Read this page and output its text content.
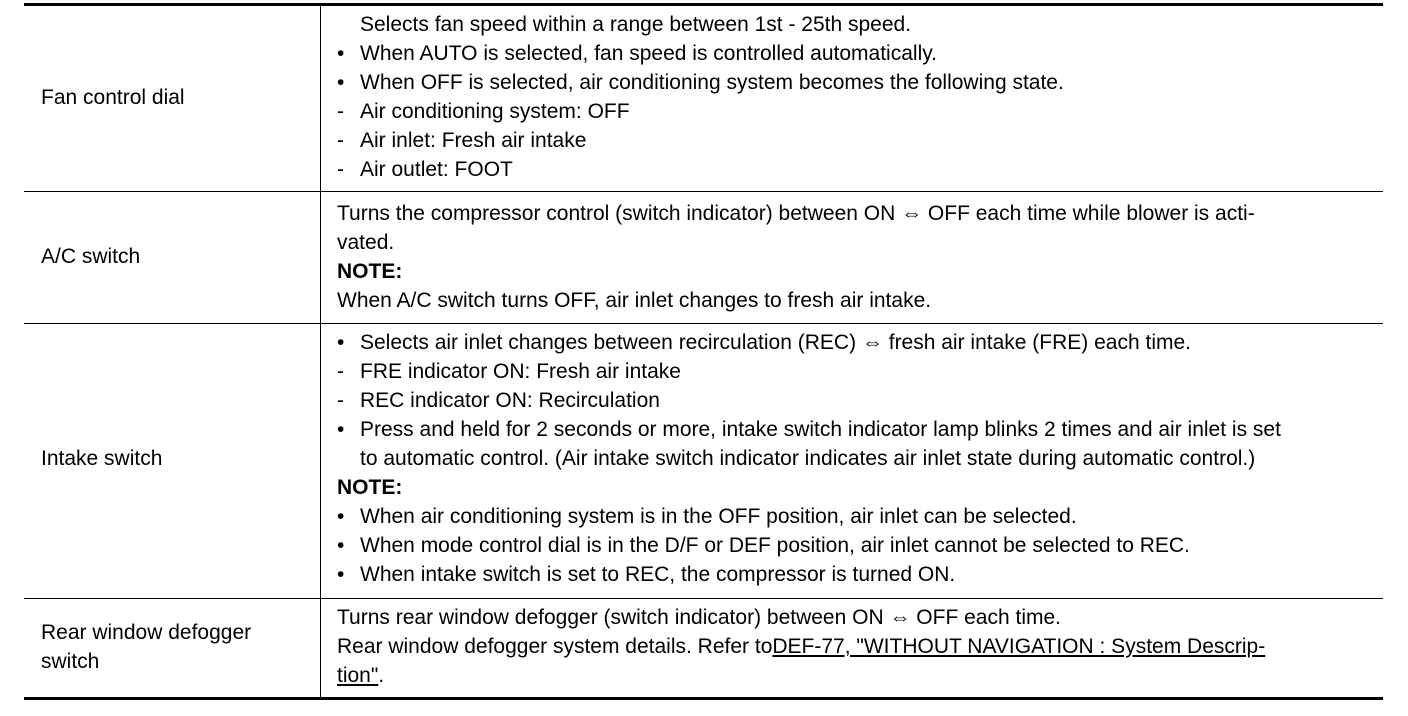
Fan control dial
Selects fan speed within a range between 1st - 25th speed.
• When AUTO is selected, fan speed is controlled automatically.
• When OFF is selected, air conditioning system becomes the following state.
- Air conditioning system: OFF
- Air inlet: Fresh air intake
- Air outlet: FOOT
A/C switch
Turns the compressor control (switch indicator) between ON ⇔ OFF each time while blower is acti-
vated.
NOTE:
When A/C switch turns OFF, air inlet changes to fresh air intake.
Intake switch
• Selects air inlet changes between recirculation (REC) ⇔ fresh air intake (FRE) each time.
- FRE indicator ON: Fresh air intake
- REC indicator ON: Recirculation
• Press and held for 2 seconds or more, intake switch indicator lamp blinks 2 times and air inlet is set
to automatic control. (Air intake switch indicator indicates air inlet state during automatic control.)
NOTE:
• When air conditioning system is in the OFF position, air inlet can be selected.
• When mode control dial is in the D/F or DEF position, air inlet cannot be selected to REC.
• When intake switch is set to REC, the compressor is turned ON.
Rear window defogger
switch
Turns rear window defogger (switch indicator) between ON ⇔ OFF each time.
Rear window defogger system details. Refer toDEF-77, "WITHOUT NAVIGATION : System Descrip-
tion".
